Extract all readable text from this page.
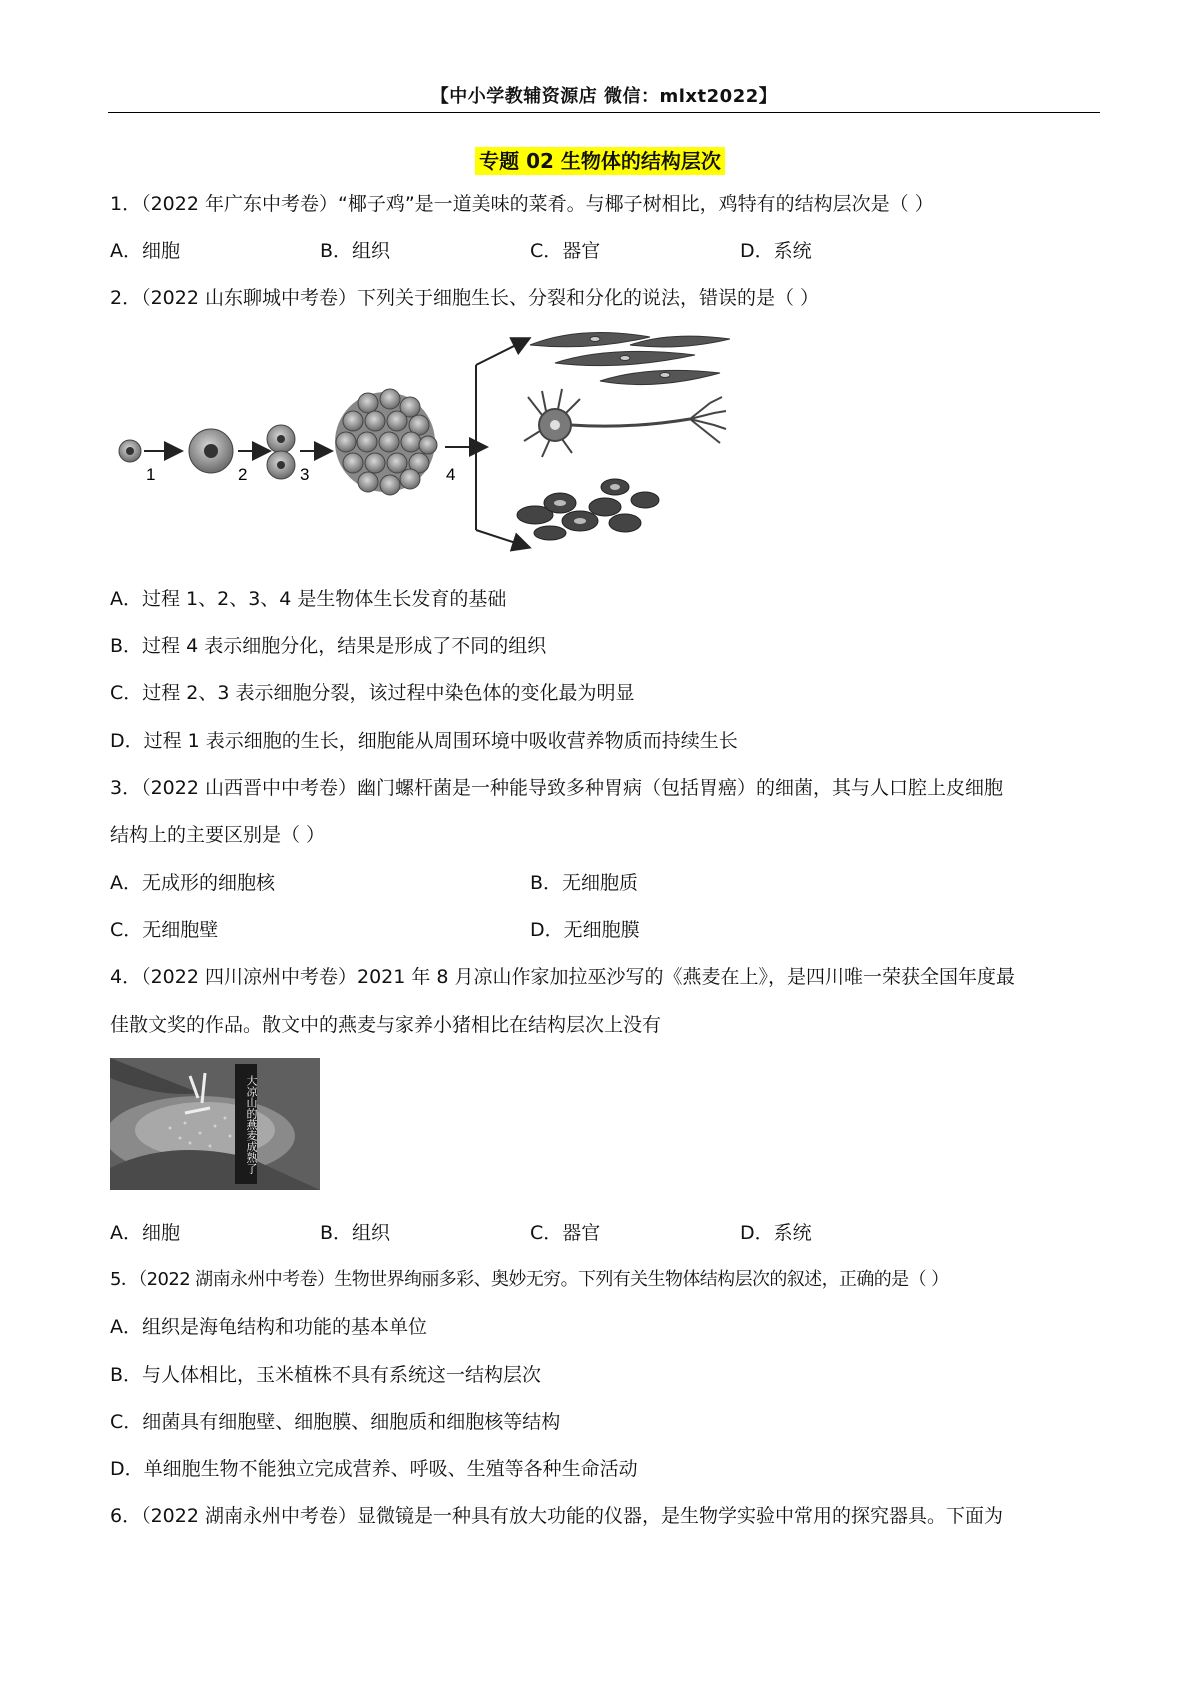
【中小学教辅资源店 微信：mlxt2022】
专题 02 生物体的结构层次
1．（2022 年广东中考卷）“椰子鸡”是一道美味的菜肴。与椰子树相比，鸡特有的结构层次是（ ）
A．细胞	B．组织	C．器官	D．系统
2．（2022 山东聊城中考卷）下列关于细胞生长、分裂和分化的说法，错误的是（ ）
1	2	3	4
A．过程 1、2、3、4 是生物体生长发育的基础
B．过程 4 表示细胞分化，结果是形成了不同的组织
C．过程 2、3 表示细胞分裂，该过程中染色体的变化最为明显
D．过程 1 表示细胞的生长，细胞能从周围环境中吸收营养物质而持续生长
3．（2022 山西晋中中考卷）幽门螺杆菌是一种能导致多种胃病（包括胃癌）的细菌，其与人口腔上皮细胞
结构上的主要区别是（ ）
A．无成形的细胞核	B．无细胞质
C．无细胞壁	D．无细胞膜
4．（2022 四川凉州中考卷）2021 年 8 月凉山作家加拉巫沙写的《燕麦在上》，是四川唯一荣获全国年度最
佳散文奖的作品。散文中的燕麦与家养小猪相比在结构层次上没有
大凉山的燕麦成熟了
A．细胞	B．组织	C．器官	D．系统
5．（2022 湖南永州中考卷）生物世界绚丽多彩、奥妙无穷。下列有关生物体结构层次的叙述，正确的是（ ）
A．组织是海龟结构和功能的基本单位
B．与人体相比，玉米植株不具有系统这一结构层次
C．细菌具有细胞壁、细胞膜、细胞质和细胞核等结构
D．单细胞生物不能独立完成营养、呼吸、生殖等各种生命活动
6．（2022 湖南永州中考卷）显微镜是一种具有放大功能的仪器，是生物学实验中常用的探究器具。下面为
